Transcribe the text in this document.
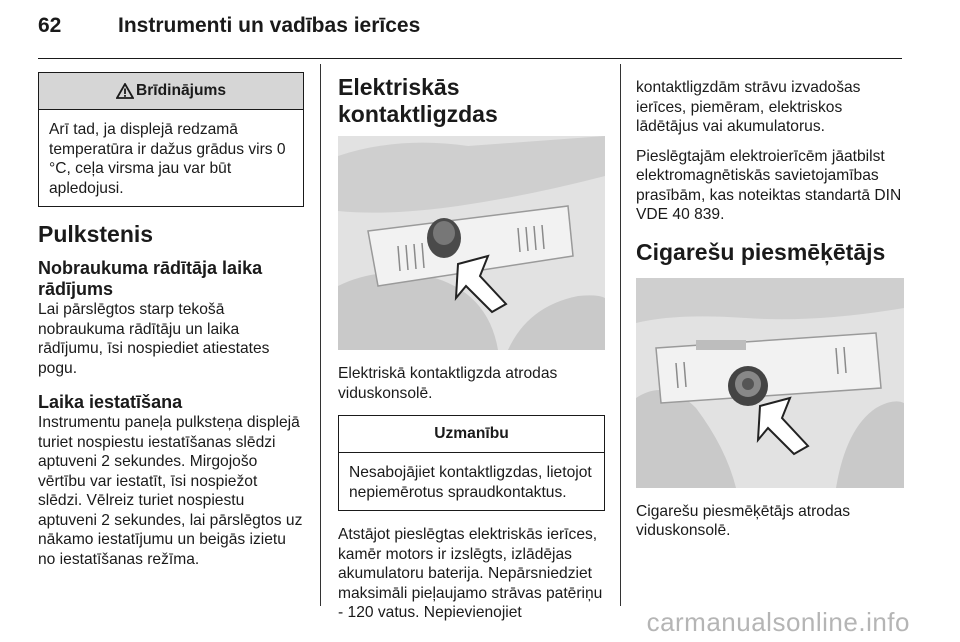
62	Instrumenti un vadības ierīces
Brīdinājums
Arī tad, ja displejā redzamā temperatūra ir dažus grādus virs 0 °C, ceļa virsma jau var būt apledojusi.
Pulkstenis
Nobraukuma rādītāja laika rādījums

Lai pārslēgtos starp tekošā nobraukuma rādītāju un laika rādījumu, īsi nospiediet atiestates pogu.

Laika iestatīšana

Instrumentu paneļa pulksteņa displejā turiet nospiestu iestatīšanas slēdzi aptuveni 2 sekundes. Mirgojošo vērtību var iestatīt, īsi nospiežot slēdzi. Vēlreiz turiet nospiestu aptuveni 2 sekundes, lai pārslēgtos uz nākamo iestatījumu un beigās izietu no iestatīšanas režīma.

Elektriskās kontaktligzdas

Elektriskā kontaktligzda atrodas viduskonsolē.

Uzmanību
Nesabojājiet kontaktligzdas, lietojot nepiemērotus spraudkontaktus.

Atstājot pieslēgtas elektriskās ierīces, kamēr motors ir izslēgts, izlādējas akumulatoru baterija. Nepārsniedziet maksimāli pieļaujamo strāvas patēriņu - 120 vatus. Nepievienojiet

kontaktligzdām strāvu izvadošas ierīces, piemēram, elektriskos lādētājus vai akumulatorus.

Pieslēgtajām elektroierīcēm jāatbilst elektromagnētiskās savietojamības prasībām, kas noteiktas standartā DIN VDE 40 839.

Cigarešu piesmēķētājs

Cigarešu piesmēķētājs atrodas viduskonsolē.

carmanualsonline.info
